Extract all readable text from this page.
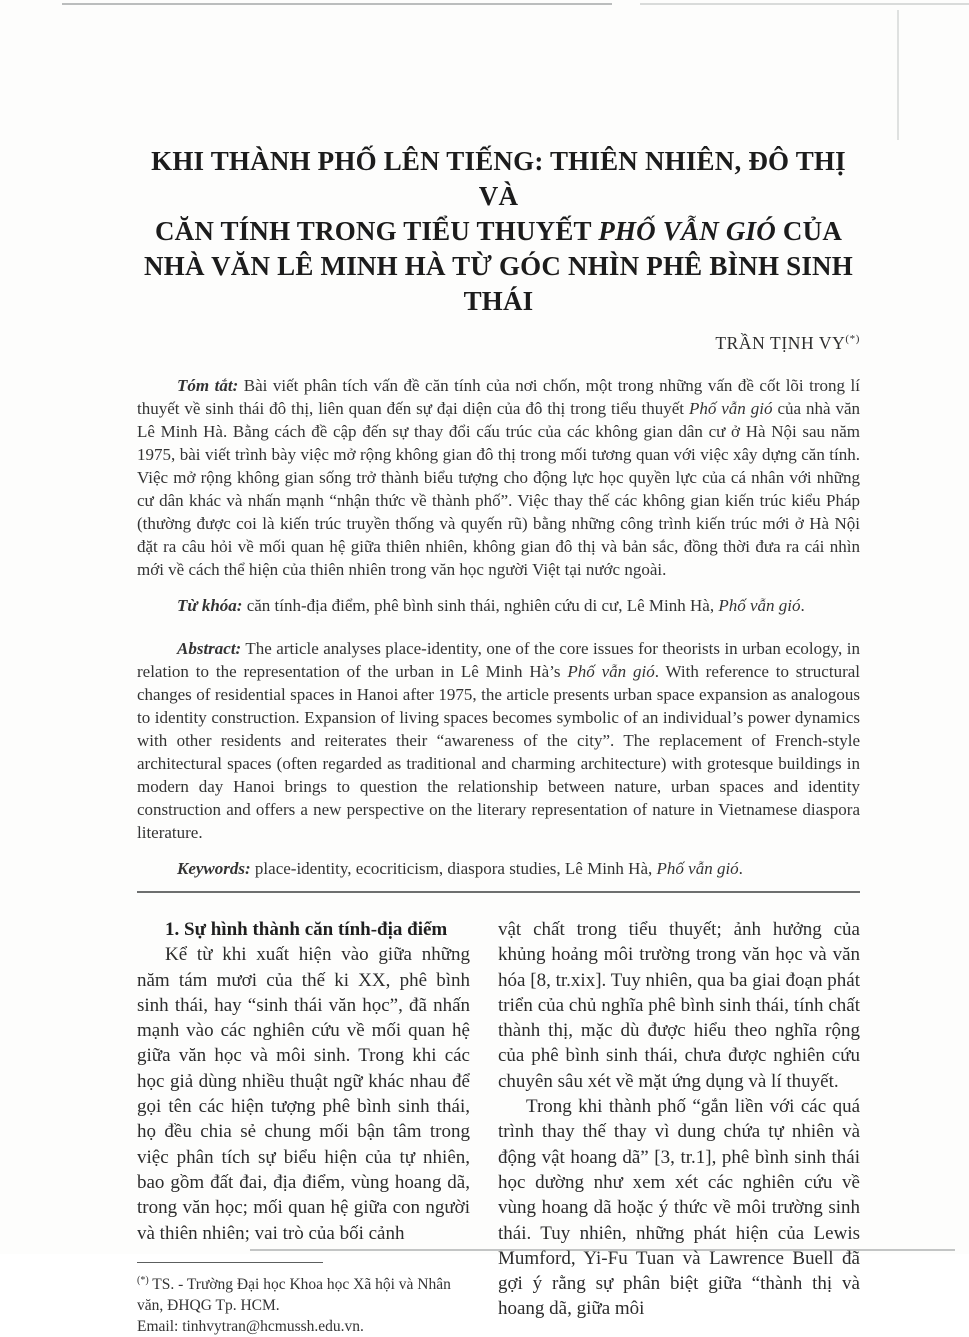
KHI THÀNH PHỐ LÊN TIẾNG: THIÊN NHIÊN, ĐÔ THỊ VÀ
CĂN TÍNH TRONG TIỂU THUYẾT PHỐ VẪN GIÓ CỦA
NHÀ VĂN LÊ MINH HÀ TỪ GÓC NHÌN PHÊ BÌNH SINH THÁI
TRẦN TỊNH VY(*)

Tóm tắt: Bài viết phân tích vấn đề căn tính của nơi chốn, một trong những vấn đề cốt lõi trong lí thuyết về sinh thái đô thị, liên quan đến sự đại diện của đô thị trong tiểu thuyết Phố vẫn gió của nhà văn Lê Minh Hà. Bằng cách đề cập đến sự thay đổi cấu trúc của các không gian dân cư ở Hà Nội sau năm 1975, bài viết trình bày việc mở rộng không gian đô thị trong mối tương quan với việc xây dựng căn tính. Việc mở rộng không gian sống trở thành biểu tượng cho động lực học quyền lực của cá nhân với những cư dân khác và nhấn mạnh “nhận thức về thành phố”. Việc thay thế các không gian kiến trúc kiểu Pháp (thường được coi là kiến trúc truyền thống và quyến rũ) bằng những công trình kiến trúc mới ở Hà Nội đặt ra câu hỏi về mối quan hệ giữa thiên nhiên, không gian đô thị và bản sắc, đồng thời đưa ra cái nhìn mới về cách thể hiện của thiên nhiên trong văn học người Việt tại nước ngoài.

Từ khóa: căn tính-địa điểm, phê bình sinh thái, nghiên cứu di cư, Lê Minh Hà, Phố vẫn gió.

Abstract: The article analyses place-identity, one of the core issues for theorists in urban ecology, in relation to the representation of the urban in Lê Minh Hà’s Phố vẫn gió. With reference to structural changes of residential spaces in Hanoi after 1975, the article presents urban space expansion as analogous to identity construction. Expansion of living spaces becomes symbolic of an individual’s power dynamics with other residents and reiterates their “awareness of the city”. The replacement of French-style architectural spaces (often regarded as traditional and charming architecture) with grotesque buildings in modern day Hanoi brings to question the relationship between nature, urban spaces and identity construction and offers a new perspective on the literary representation of nature in Vietnamese diaspora literature.

Keywords: place-identity, ecocriticism, diaspora studies, Lê Minh Hà, Phố vẫn gió.

1. Sự hình thành căn tính-địa điểm

Kể từ khi xuất hiện vào giữa những năm tám mươi của thế ki XX, phê bình sinh thái, hay “sinh thái văn học”, đã nhấn mạnh vào các nghiên cứu về mối quan hệ giữa văn học và môi sinh. Trong khi các học giả dùng nhiều thuật ngữ khác nhau để gọi tên các hiện tượng phê bình sinh thái, họ đều chia sẻ chung mối bận tâm trong việc phân tích sự biểu hiện của tự nhiên, bao gồm đất đai, địa điểm, vùng hoang dã, trong văn học; mối quan hệ giữa con người và thiên nhiên; vai trò của bối cảnh

(*) TS. - Trường Đại học Khoa học Xã hội và Nhân văn, ĐHQG Tp. HCM.
Email: tinhvytran@hcmussh.edu.vn.

vật chất trong tiểu thuyết; ảnh hưởng của khủng hoảng môi trường trong văn học và văn hóa [8, tr.xix]. Tuy nhiên, qua ba giai đoạn phát triển của chủ nghĩa phê bình sinh thái, tính chất thành thị, mặc dù được hiểu theo nghĩa rộng của phê bình sinh thái, chưa được nghiên cứu chuyên sâu xét về mặt ứng dụng và lí thuyết.

Trong khi thành phố “gắn liền với các quá trình thay thế thay vì dung chứa tự nhiên và động vật hoang dã” [3, tr.1], phê bình sinh thái học dường như xem xét các nghiên cứu về vùng hoang dã hoặc ý thức về môi trường sinh thái. Tuy nhiên, những phát hiện của Lewis Mumford, Yi-Fu Tuan và Lawrence Buell đã gợi ý rằng sự phân biệt giữa “thành thị và hoang dã, giữa môi
